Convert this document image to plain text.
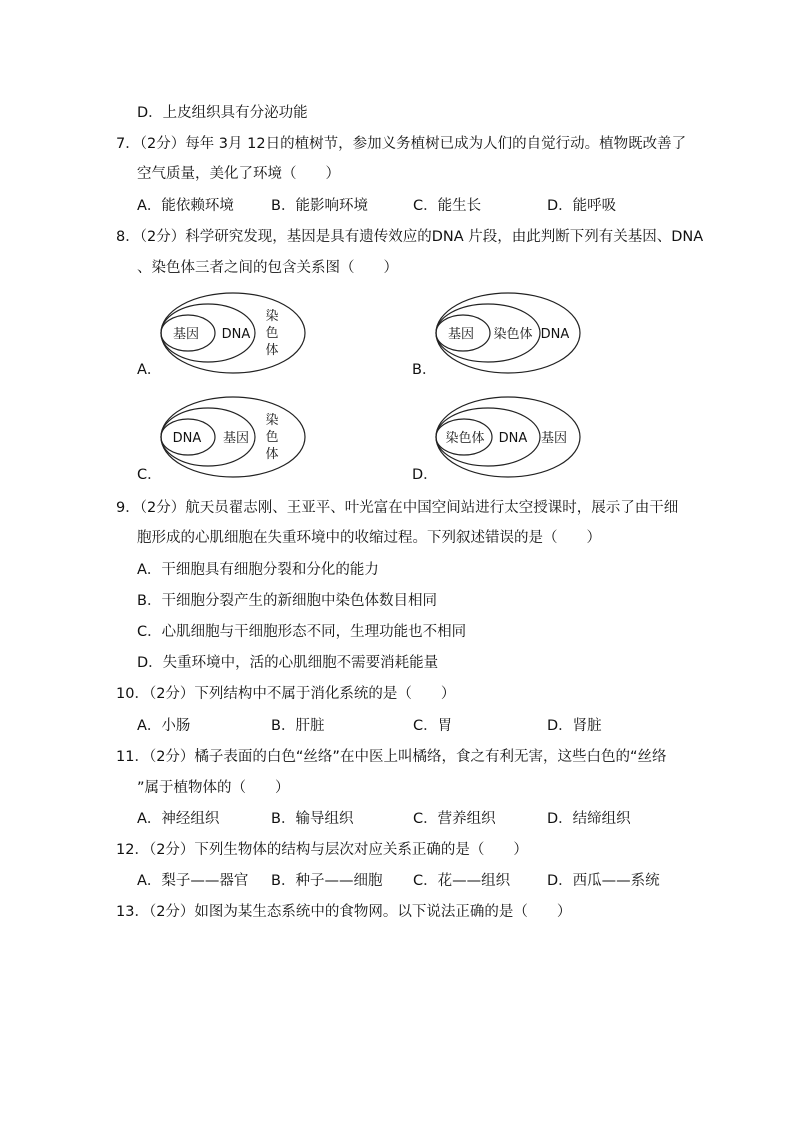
D．上皮组织具有分泌功能
7．（2分）每年 3月 12日的植树节，参加义务植树已成为人们的自觉行动。植物既改善了
空气质量，美化了环境（　　）
A．能依赖环境	B．能影响环境	C．能生长	D．能呼吸
8．（2分）科学研究发现，基因是具有遗传效应的DNA 片段，由此判断下列有关基因、DNA
、染色体三者之间的包含关系图（　　）
A．
基因 DNA
染
色
体
B．
基因 染色体 DNA
C．
DNA 基因
染
色
体
D．
染色体 DNA 基因
9．（2分）航天员翟志刚、王亚平、叶光富在中国空间站进行太空授课时，展示了由干细
胞形成的心肌细胞在失重环境中的收缩过程。下列叙述错误的是（　　）
A．干细胞具有细胞分裂和分化的能力
B．干细胞分裂产生的新细胞中染色体数目相同
C．心肌细胞与干细胞形态不同，生理功能也不相同
D．失重环境中，活的心肌细胞不需要消耗能量
10．（2分）下列结构中不属于消化系统的是（　　）
A．小肠	B．肝脏	C．胃	D．肾脏
11．（2分）橘子表面的白色“丝络”在中医上叫橘络，食之有利无害，这些白色的“丝络
”属于植物体的（　　）
A．神经组织	B．输导组织	C．营养组织	D．结缔组织
12．（2分）下列生物体的结构与层次对应关系正确的是（　　）
A．梨子——器官 B．种子——细胞 C．花——组织	D．西瓜——系统
13．（2分）如图为某生态系统中的食物网。以下说法正确的是（　　）
